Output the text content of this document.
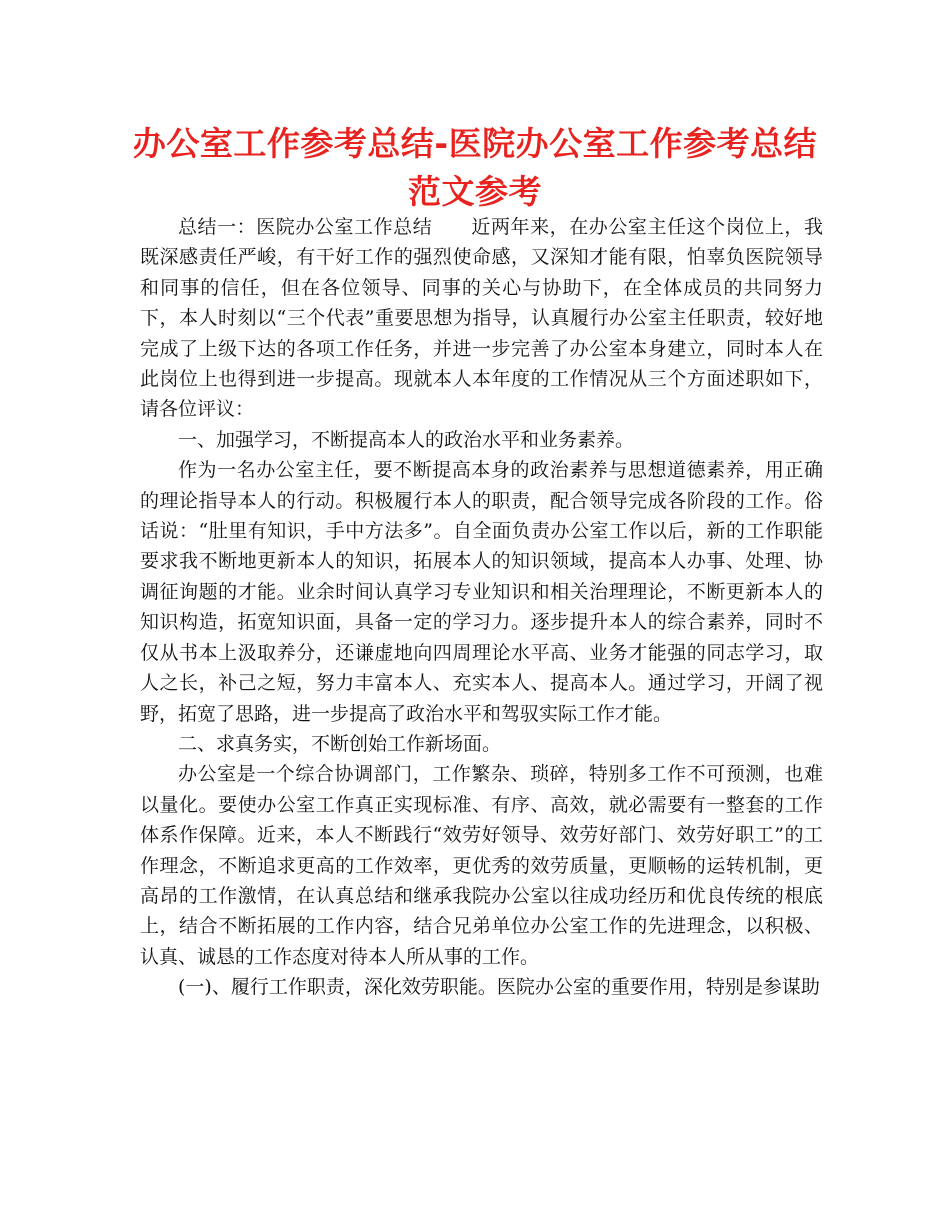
办公室工作参考总结-医院办公室工作参考总结范文参考

总结一：医院办公室工作总结　　近两年来，在办公室主任这个岗位上，我既深感责任严峻，有干好工作的强烈使命感，又深知才能有限，怕辜负医院领导和同事的信任，但在各位领导、同事的关心与协助下，在全体成员的共同努力下，本人时刻以“三个代表”重要思想为指导，认真履行办公室主任职责，较好地完成了上级下达的各项工作任务，并进一步完善了办公室本身建立，同时本人在此岗位上也得到进一步提高。现就本人本年度的工作情况从三个方面述职如下，请各位评议：

一、加强学习，不断提高本人的政治水平和业务素养。

作为一名办公室主任，要不断提高本身的政治素养与思想道德素养，用正确的理论指导本人的行动。积极履行本人的职责，配合领导完成各阶段的工作。俗话说：“肚里有知识，手中方法多”。自全面负责办公室工作以后，新的工作职能要求我不断地更新本人的知识，拓展本人的知识领域，提高本人办事、处理、协调征询题的才能。业余时间认真学习专业知识和相关治理理论，不断更新本人的知识构造，拓宽知识面，具备一定的学习力。逐步提升本人的综合素养，同时不仅从书本上汲取养分，还谦虚地向四周理论水平高、业务才能强的同志学习，取人之长，补己之短，努力丰富本人、充实本人、提高本人。通过学习，开阔了视野，拓宽了思路，进一步提高了政治水平和驾驭实际工作才能。

二、求真务实，不断创始工作新场面。

办公室是一个综合协调部门，工作繁杂、琐碎，特别多工作不可预测，也难以量化。要使办公室工作真正实现标准、有序、高效，就必需要有一整套的工作体系作保障。近来，本人不断践行“效劳好领导、效劳好部门、效劳好职工”的工作理念，不断追求更高的工作效率，更优秀的效劳质量，更顺畅的运转机制，更高昂的工作激情，在认真总结和继承我院办公室以往成功经历和优良传统的根底上，结合不断拓展的工作内容，结合兄弟单位办公室工作的先进理念，以积极、认真、诚恳的工作态度对待本人所从事的工作。

(一)、履行工作职责，深化效劳职能。医院办公室的重要作用，特别是参谋助
